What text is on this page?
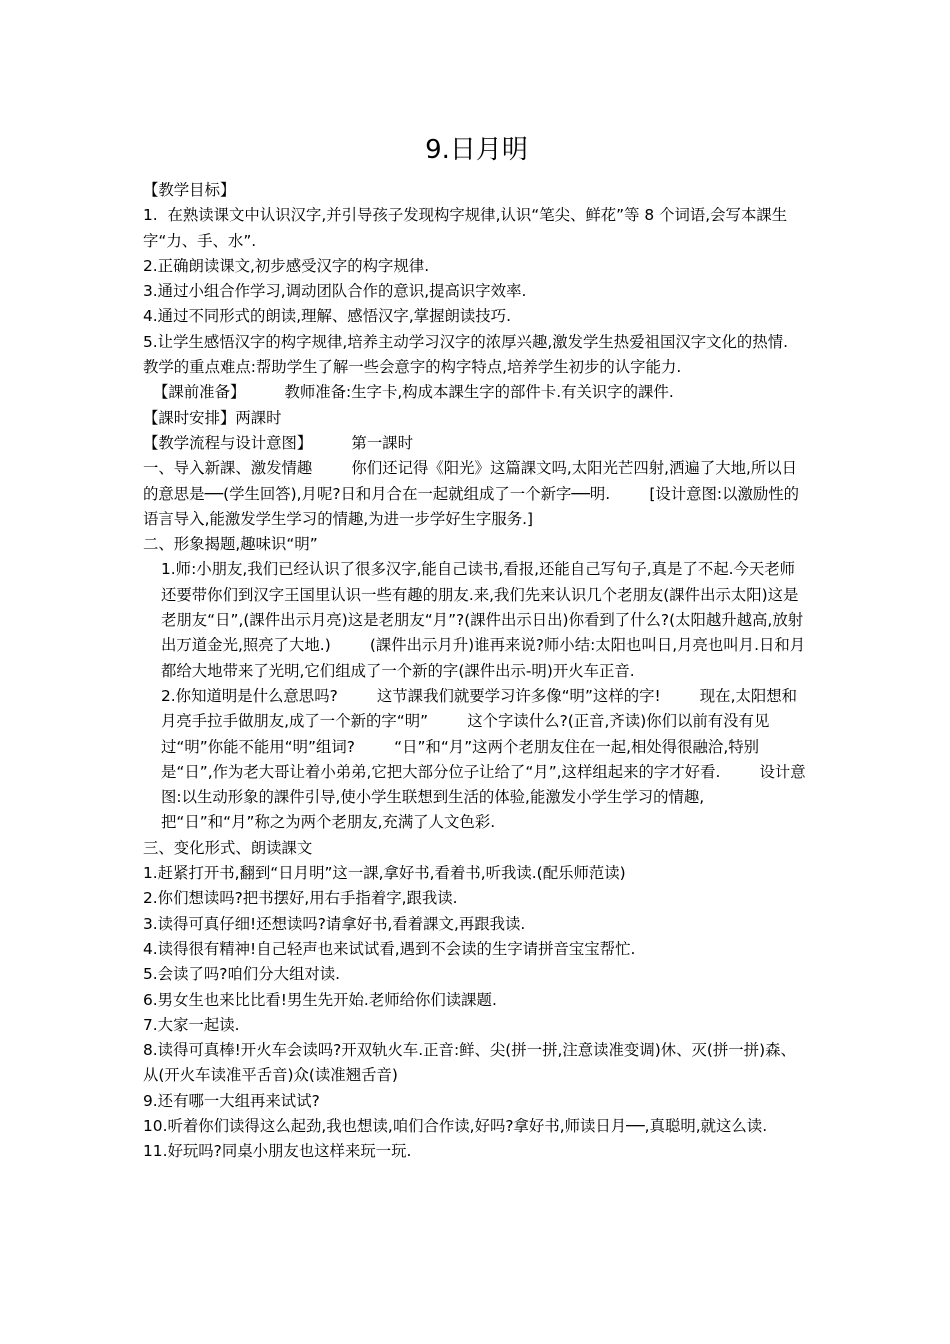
9.日月明

【教学目标】

1.  在熟读课文中认识汉字,并引导孩子发现构字规律,认识“笔尖、鲜花”等 8 个词语,会写本課生字“力、手、水”.

2.正确朗读课文,初步感受汉字的构字规律.

3.通过小组合作学习,调动团队合作的意识,提高识字效率.

4.通过不同形式的朗读,理解、感悟汉字,掌握朗读技巧.

5.让学生感悟汉字的构字规律,培养主动学习汉字的浓厚兴趣,激发学生热爱祖国汉字文化的热情.

教学的重点难点:帮助学生了解一些会意字的构字特点,培养学生初步的认字能力.

【課前准备】        教师准备:生字卡,构成本課生字的部件卡.有关识字的課件.

【課时安排】两課时

【教学流程与设计意图】        第一課时

一、导入新課、激发情趣        你们还记得《阳光》这篇課文吗,太阳光芒四射,洒遍了大地,所以日的意思是──(学生回答),月呢?日和月合在一起就组成了一个新字──明.        [设计意图:以激励性的语言导入,能激发学生学习的情趣,为进一步学好生字服务.]

二、形象揭题,趣味识“明”

1.师:小朋友,我们已经认识了很多汉字,能自己读书,看报,还能自己写句子,真是了不起.今天老师还要带你们到汉字王国里认识一些有趣的朋友.来,我们先来认识几个老朋友(課件出示太阳)这是老朋友“日”,(課件出示月亮)这是老朋友“月”?(課件出示日出)你看到了什么?(太阳越升越高,放射出万道金光,照亮了大地.)        (課件出示月升)谁再来说?师小结:太阳也叫日,月亮也叫月.日和月都给大地带来了光明,它们组成了一个新的字(課件出示-明)开火车正音.

2.你知道明是什么意思吗?        这节課我们就要学习许多像“明”这样的字!        现在,太阳想和月亮手拉手做朋友,成了一个新的字“明”        这个字读什么?(正音,齐读)你们以前有没有见过“明”你能不能用“明”组词?        “日”和“月”这两个老朋友住在一起,相处得很融洽,特别是“日”,作为老大哥让着小弟弟,它把大部分位子让给了“月”,这样组起来的字才好看.        设计意图:以生动形象的課件引导,使小学生联想到生活的体验,能激发小学生学习的情趣,把“日”和“月”称之为两个老朋友,充满了人文色彩.

三、变化形式、朗读課文

1.赶紧打开书,翻到“日月明”这一課,拿好书,看着书,听我读.(配乐师范读)

2.你们想读吗?把书摆好,用右手指着字,跟我读.

3.读得可真仔细!还想读吗?请拿好书,看着課文,再跟我读.

4.读得很有精神!自己轻声也来试试看,遇到不会读的生字请拼音宝宝帮忙.

5.会读了吗?咱们分大组对读.

6.男女生也来比比看!男生先开始.老师给你们读課题.

7.大家一起读.

8.读得可真棒!开火车会读吗?开双轨火车.正音:鲜、尖(拼一拼,注意读准变调)休、灭(拼一拼)森、从(开火车读准平舌音)众(读准翘舌音)

9.还有哪一大组再来试试?

10.听着你们读得这么起劲,我也想读,咱们合作读,好吗?拿好书,师读日月──,真聪明,就这么读.

11.好玩吗?同桌小朋友也这样来玩一玩.
